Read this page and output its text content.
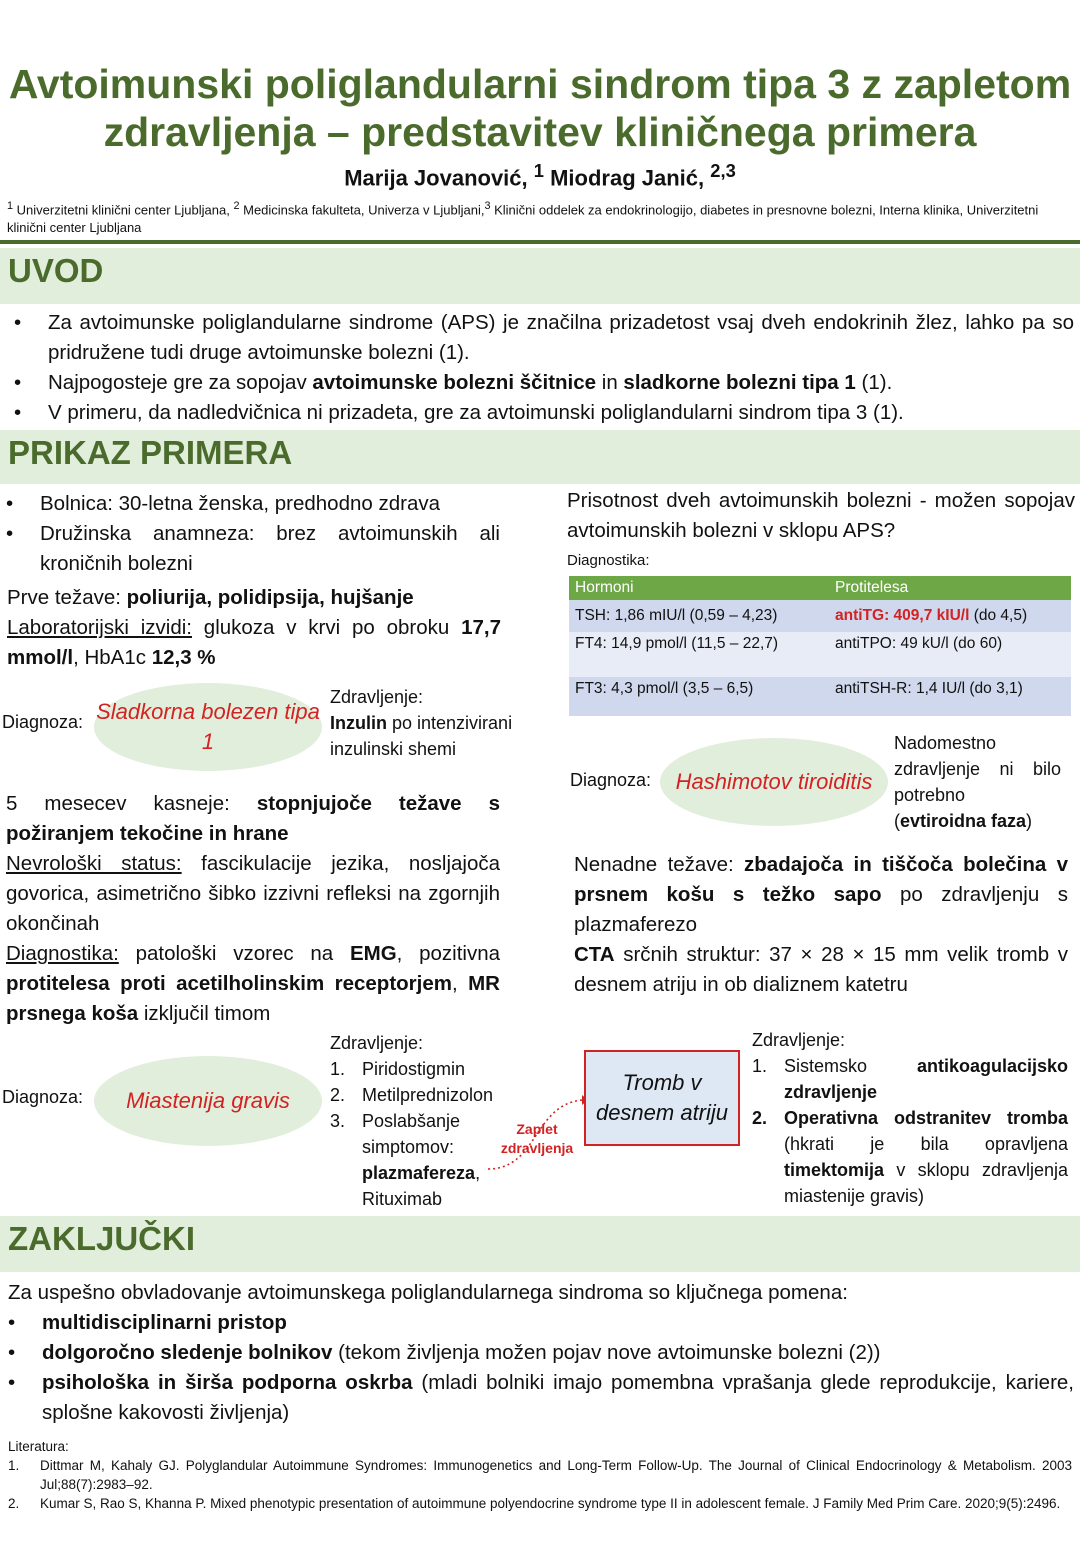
Avtoimunski poliglandularni sindrom tipa 3 z zapletom
zdravljenja – predstavitev kliničnega primera
Marija Jovanović, $^1$ Miodrag Janić, $^{2,3}$
$^1$ Univerzitetni klinični center Ljubljana, $^2$ Medicinska fakulteta, Univerza v Ljubljani,$^3$ Klinični oddelek za endokrinologijo, diabetes in presnovne bolezni, Interna klinika, Univerzitetni klinični center Ljubljana
UVOD
• Za avtoimunske poliglandularne sindrome (APS) je značilna prizadetost vsaj dveh endokrinih žlez, lahko pa so pridružene tudi druge avtoimunske bolezni (1).
• Najpogosteje gre za sopojav avtoimunske bolezni ščitnice in sladkorne bolezni tipa 1 (1).
• V primeru, da nadledvičnica ni prizadeta, gre za avtoimunski poliglandularni sindrom tipa 3 (1).
PRIKAZ PRIMERA
• Bolnica: 30-letna ženska, predhodno zdrava
• Družinska anamneza: brez avtoimunskih ali kroničnih bolezni
Prve težave: poliurija, polidipsija, hujšanje
Laboratorijski izvidi: glukoza v krvi po obroku 17,7 mmol/l, HbA1c 12,3 %
Diagnoza: Sladkorna bolezen tipa 1
Zdravljenje:
Inzulin po intenzivirani inzulinski shemi
5 mesecev kasneje: stopnjujoče težave s požiranjem tekočine in hrane
Nevrološki status: fascikulacije jezika, nosljajoča govorica, asimetrično šibko izzivni refleksi na zgornjih okončinah
Diagnostika: patološki vzorec na EMG, pozitivna protitelesa proti acetilholinskim receptorjem, MR prsnega koša izključil timom
Diagnoza:	Miastenija gravis
Zdravljenje:
1. Piridostigmin
2. Metilprednizolon
3. Poslabšanje simptomov:
plazmafereza, Rituximab
Zaplet zdravljenja
Prisotnost dveh avtoimunskih bolezni - možen sopojav avtoimunskih bolezni v sklopu APS?
Diagnostika:
Hormoni	Protitelesa
TSH: 1,86 mIU/l (0,59 – 4,23)	antiTG: 409,7 kIU/l (do 4,5)
FT4: 14,9 pmol/l (11,5 – 22,7)	antiTPO: 49 kU/l (do 60)
FT3: 4,3 pmol/l (3,5 – 6,5)	antiTSH-R: 1,4 IU/l (do 3,1)
Diagnoza:	Hashimotov tiroiditis
Nadomestno zdravljenje ni bilo potrebno
(evtiroidna faza)
Nenadne težave: zbadajoča in tiščoča bolečina v prsnem košu s težko sapo po zdravljenju s plazmaferezo
CTA srčnih struktur: 37 × 28 × 15 mm velik tromb v desnem atriju in ob dializnem katetru
Tromb v desnem atriju
Zdravljenje:
1. Sistemsko antikoagulacijsko zdravljenje
2. Operativna odstranitev tromba (hkrati je bila opravljena timektomija v sklopu zdravljenja miastenije gravis)
ZAKLJUČKI
Za uspešno obvladovanje avtoimunskega poliglandularnega sindroma so ključnega pomena:
• multidisciplinarni pristop
• dolgoročno sledenje bolnikov (tekom življenja možen pojav nove avtoimunske bolezni (2))
• psihološka in širša podporna oskrba (mladi bolniki imajo pomembna vprašanja glede reprodukcije, kariere, splošne kakovosti življenja)
Literatura:
1. Dittmar M, Kahaly GJ. Polyglandular Autoimmune Syndromes: Immunogenetics and Long-Term Follow-Up. The Journal of Clinical Endocrinology & Metabolism. 2003 Jul;88(7):2983–92.
2. Kumar S, Rao S, Khanna P. Mixed phenotypic presentation of autoimmune polyendocrine syndrome type II in adolescent female. J Family Med Prim Care. 2020;9(5):2496.
